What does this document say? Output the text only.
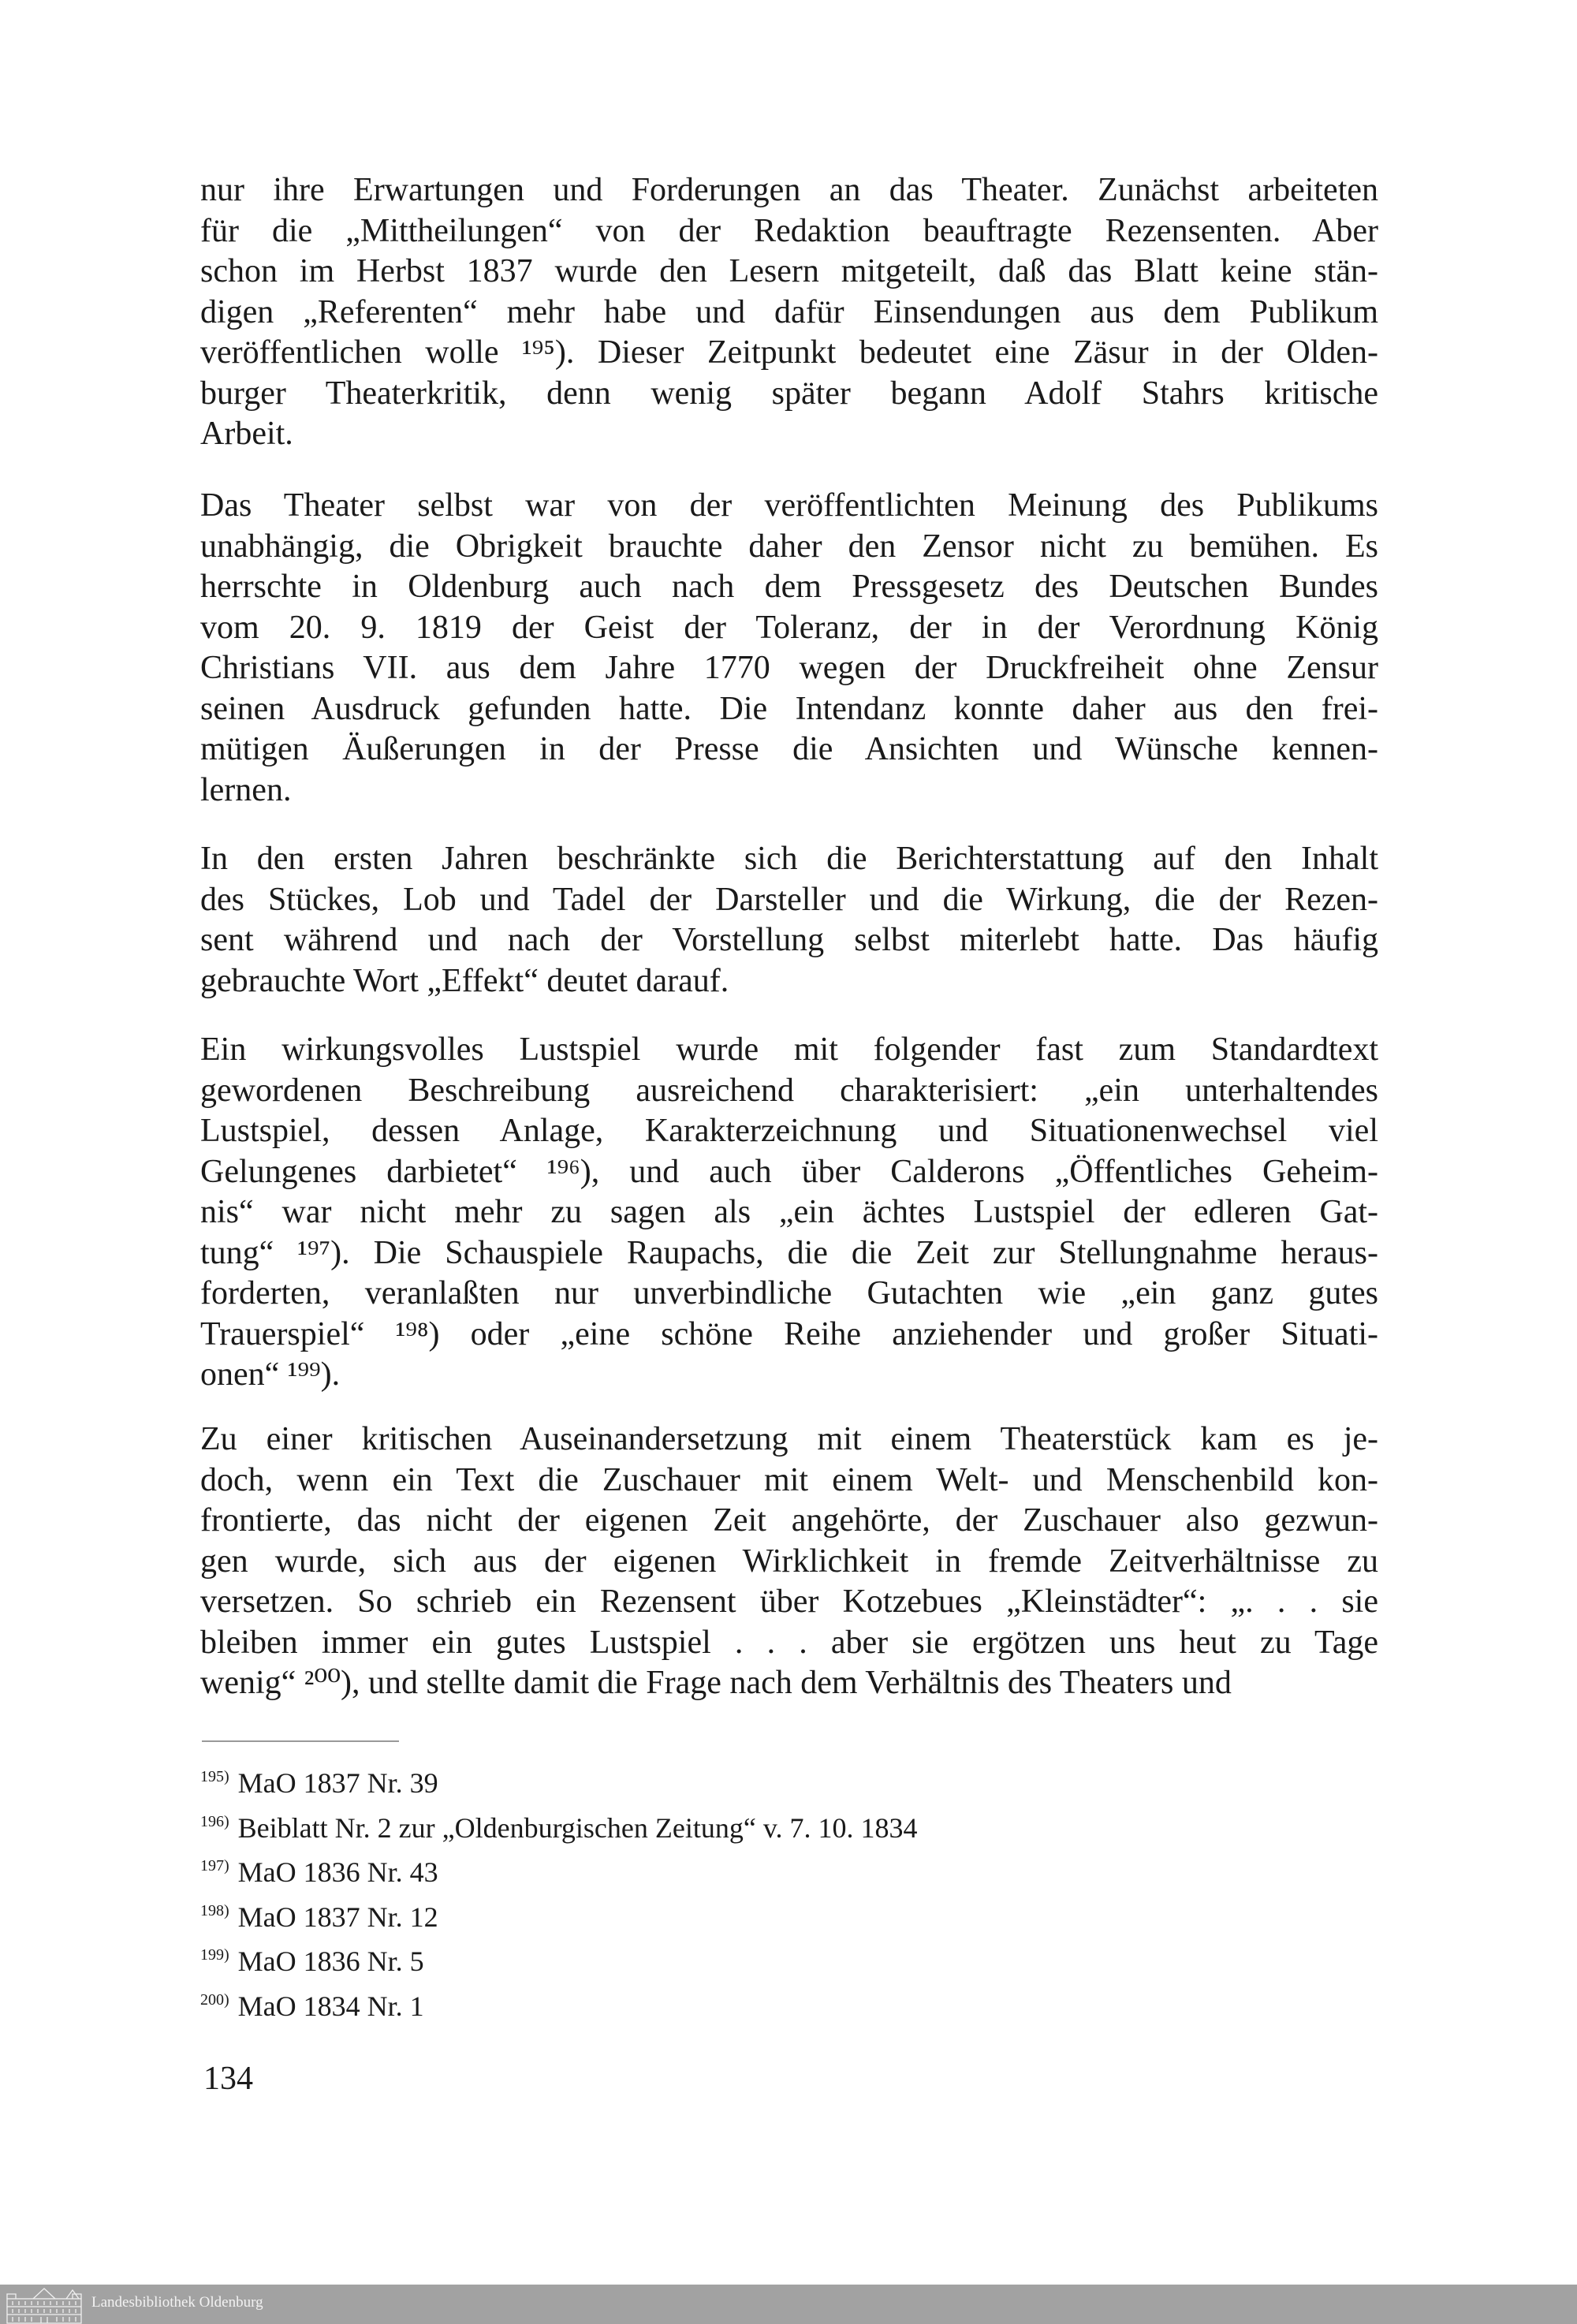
nur ihre Erwartungen und Forderungen an das Theater. Zunächst arbeiteten
für die „Mittheilungen“ von der Redaktion beauftragte Rezensenten. Aber
schon im Herbst 1837 wurde den Lesern mitgeteilt, daß das Blatt keine stän-
digen „Referenten“ mehr habe und dafür Einsendungen aus dem Publikum
veröffentlichen wolle ¹⁹⁵). Dieser Zeitpunkt bedeutet eine Zäsur in der Olden-
burger Theaterkritik, denn wenig später begann Adolf Stahrs kritische
Arbeit.
Das Theater selbst war von der veröffentlichten Meinung des Publikums
unabhängig, die Obrigkeit brauchte daher den Zensor nicht zu bemühen. Es
herrschte in Oldenburg auch nach dem Pressgesetz des Deutschen Bundes
vom 20. 9. 1819 der Geist der Toleranz, der in der Verordnung König
Christians VII. aus dem Jahre 1770 wegen der Druckfreiheit ohne Zensur
seinen Ausdruck gefunden hatte. Die Intendanz konnte daher aus den frei-
mütigen Äußerungen in der Presse die Ansichten und Wünsche kennen-
lernen.
In den ersten Jahren beschränkte sich die Berichterstattung auf den Inhalt
des Stückes, Lob und Tadel der Darsteller und die Wirkung, die der Rezen-
sent während und nach der Vorstellung selbst miterlebt hatte. Das häufig
gebrauchte Wort „Effekt“ deutet darauf.
Ein wirkungsvolles Lustspiel wurde mit folgender fast zum Standardtext
gewordenen Beschreibung ausreichend charakterisiert: „ein unterhaltendes
Lustspiel, dessen Anlage, Karakterzeichnung und Situationenwechsel viel
Gelungenes darbietet“ ¹⁹⁶), und auch über Calderons „Öffentliches Geheim-
nis“ war nicht mehr zu sagen als „ein ächtes Lustspiel der edleren Gat-
tung“ ¹⁹⁷). Die Schauspiele Raupachs, die die Zeit zur Stellungnahme heraus-
forderten, veranlaßten nur unverbindliche Gutachten wie „ein ganz gutes
Trauerspiel“ ¹⁹⁸) oder „eine schöne Reihe anziehender und großer Situati-
onen“ ¹⁹⁹).
Zu einer kritischen Auseinandersetzung mit einem Theaterstück kam es je-
doch, wenn ein Text die Zuschauer mit einem Welt- und Menschenbild kon-
frontierte, das nicht der eigenen Zeit angehörte, der Zuschauer also gezwun-
gen wurde, sich aus der eigenen Wirklichkeit in fremde Zeitverhältnisse zu
versetzen. So schrieb ein Rezensent über Kotzebues „Kleinstädter“: „. . . sie
bleiben immer ein gutes Lustspiel . . . aber sie ergötzen uns heut zu Tage
wenig“ ²⁰⁰), und stellte damit die Frage nach dem Verhältnis des Theaters und
$^{195)}$ MaO 1837 Nr. 39
$^{196)}$ Beiblatt Nr. 2 zur „Oldenburgischen Zeitung“ v. 7. 10. 1834
$^{197)}$ MaO 1836 Nr. 43
$^{198)}$ MaO 1837 Nr. 12
$^{199)}$ MaO 1836 Nr. 5
$^{200)}$ MaO 1834 Nr. 1
134
Landesbibliothek Oldenburg
